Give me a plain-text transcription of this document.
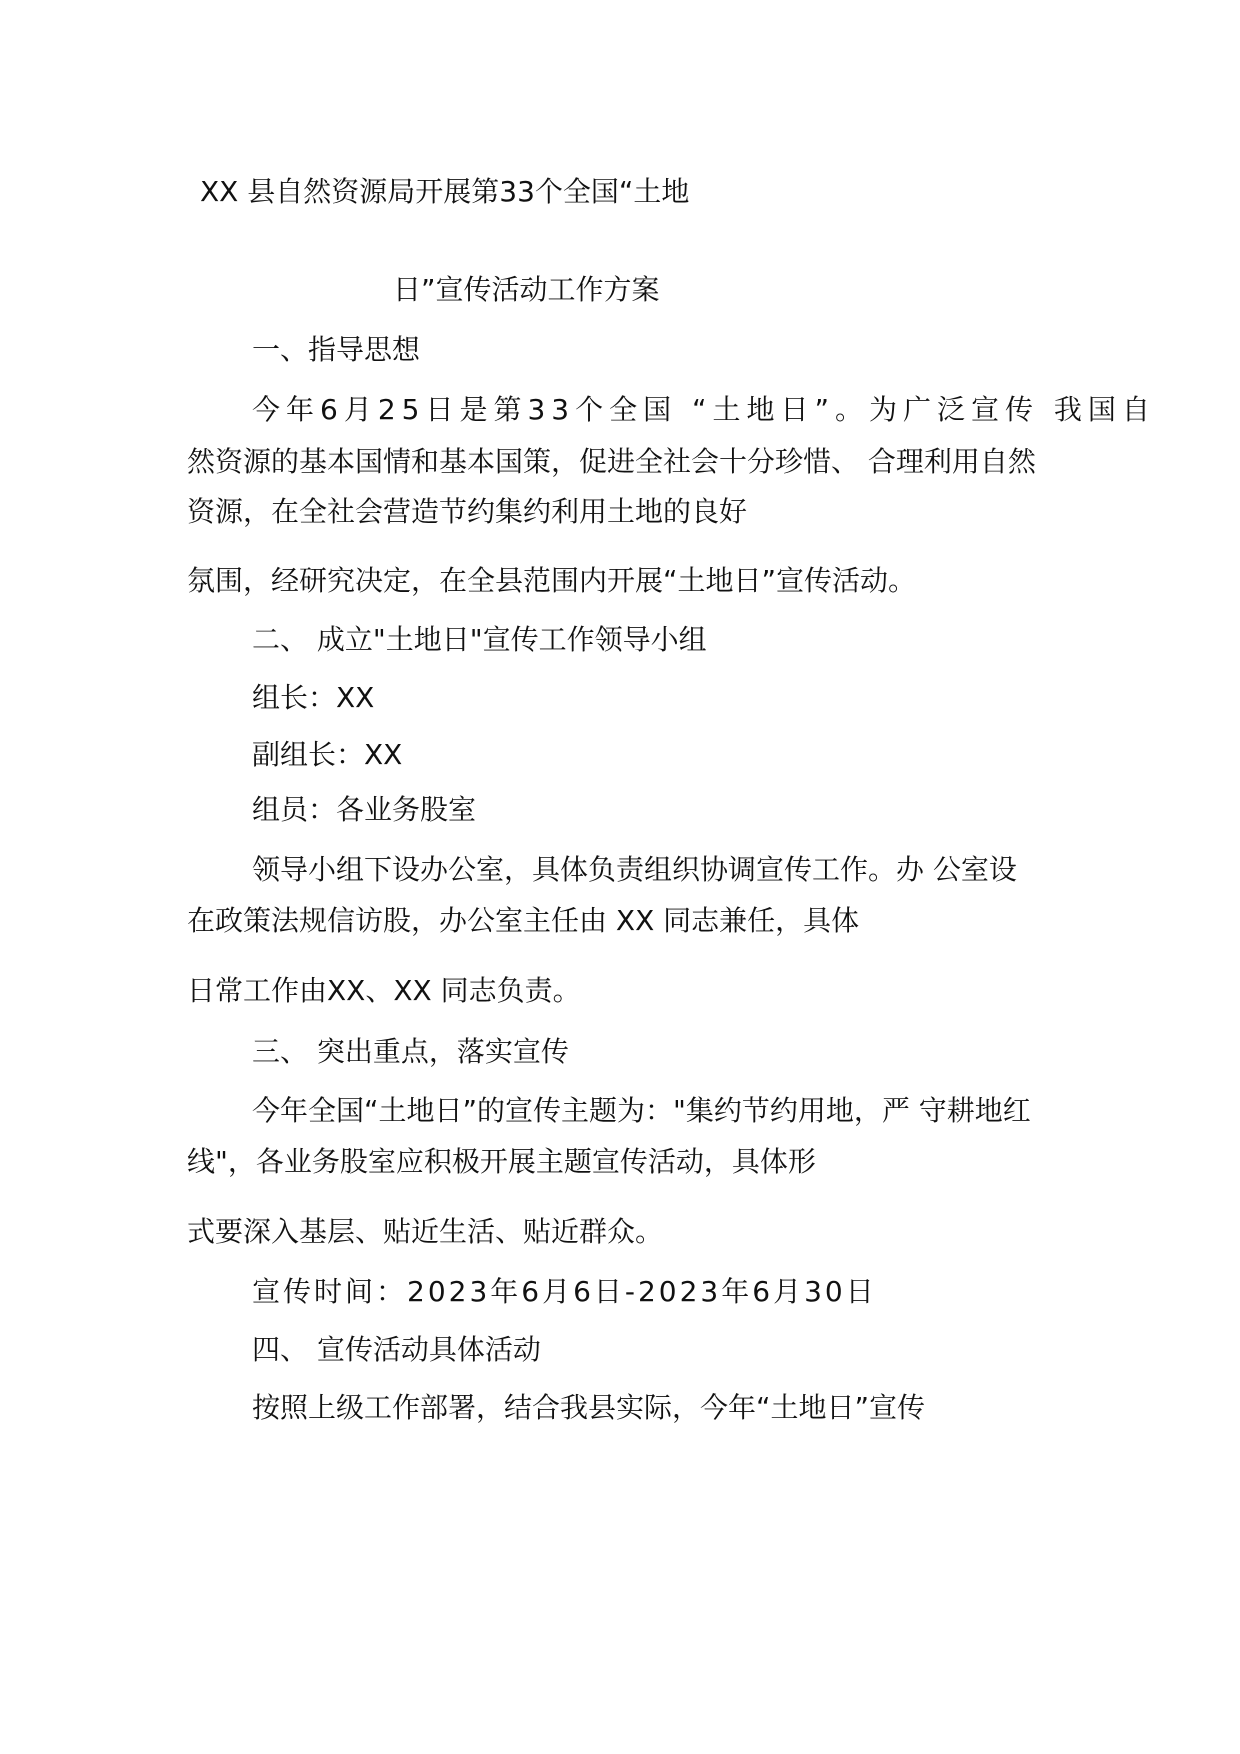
XX 县自然资源局开展第33个全国“土地

日”宣传活动工作方案

一、指导思想

今年6月25日是第33个全国 “土地日”。为广泛宣传 我国自

然资源的基本国情和基本国策，促进全社会十分珍惜、 合理利用自然

资源，在全社会营造节约集约利用土地的良好

氛围，经研究决定，在全县范围内开展“土地日”宣传活动。

二、 成立"土地日"宣传工作领导小组

组长：XX

副组长：XX

组员：各业务股室

领导小组下设办公室，具体负责组织协调宣传工作。办 公室设

在政策法规信访股，办公室主任由 XX 同志兼任，具体

日常工作由XX、XX 同志负责。

三、 突出重点，落实宣传

今年全国“土地日”的宣传主题为："集约节约用地，严 守耕地红

线"，各业务股室应积极开展主题宣传活动，具体形

式要深入基层、贴近生活、贴近群众。

宣传时间：2023年6月6日-2023年6月30日

四、 宣传活动具体活动

按照上级工作部署，结合我县实际，今年“土地日”宣传
